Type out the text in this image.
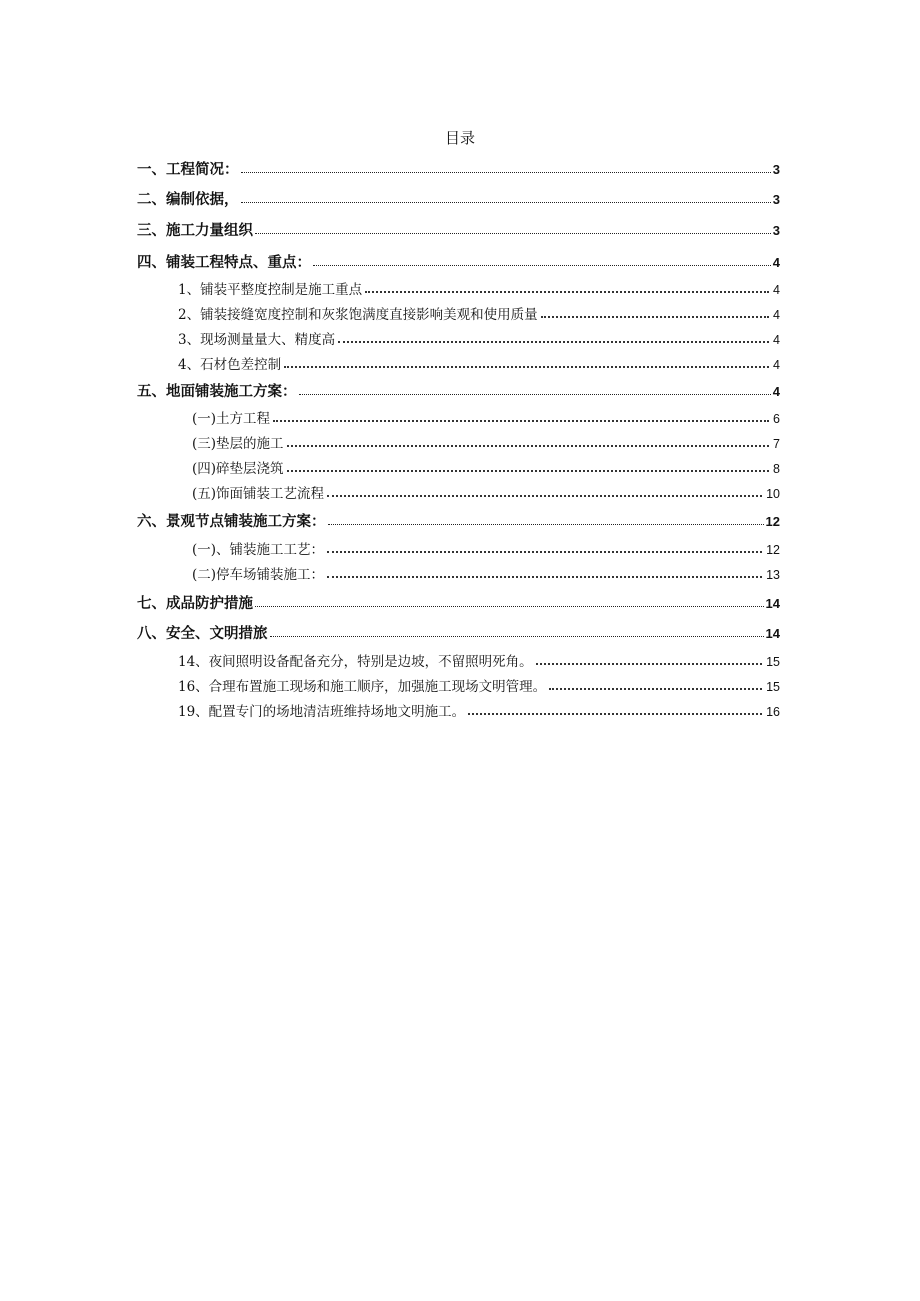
目录
一、工程简况：	3
二、编制依据，	3
三、施工力量组织	3
四、铺装工程特点、重点：	4
1、铺装平整度控制是施工重点	4
2、铺装接缝宽度控制和灰浆饱满度直接影响美观和使用质量	4
3、现场测量量大、精度高	4
4、石材色差控制	4
五、地面铺装施工方案：	4
(一)土方工程	6
(三)垫层的施工	7
(四)碎垫层浇筑	8
(五)饰面铺装工艺流程	10
六、景观节点铺装施工方案：	12
(一)、铺装施工工艺：	12
(二)停车场铺装施工：	13
七、成品防护措施	14
八、安全、文明措旅	14
14、夜间照明设备配备充分，特别是边坡，不留照明死角。	15
16、合理布置施工现场和施工顺序，加强施工现场文明管理。	15
19、配置专门的场地清洁班维持场地文明施工。	16
